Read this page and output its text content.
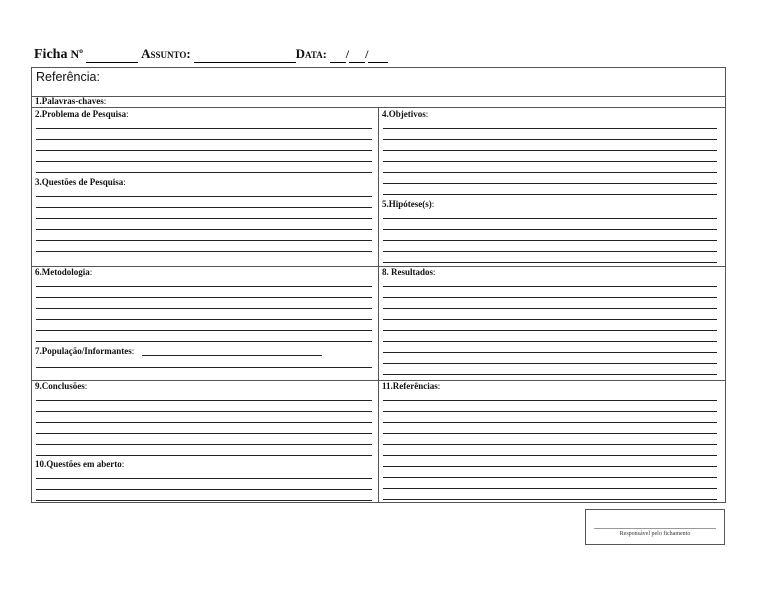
Ficha Nº	Assunto:	Data: / /
Referência:
1.Palavras-chaves:
2.Problema de Pesquisa:
3.Questões de Pesquisa:
4.Objetivos:
5.Hipótese(s):
6.Metodologia:
7.População/Informantes:
8. Resultados:
9.Conclusões:
10.Questões em aberto:
11.Referências:
Responsável pelo fichamento
